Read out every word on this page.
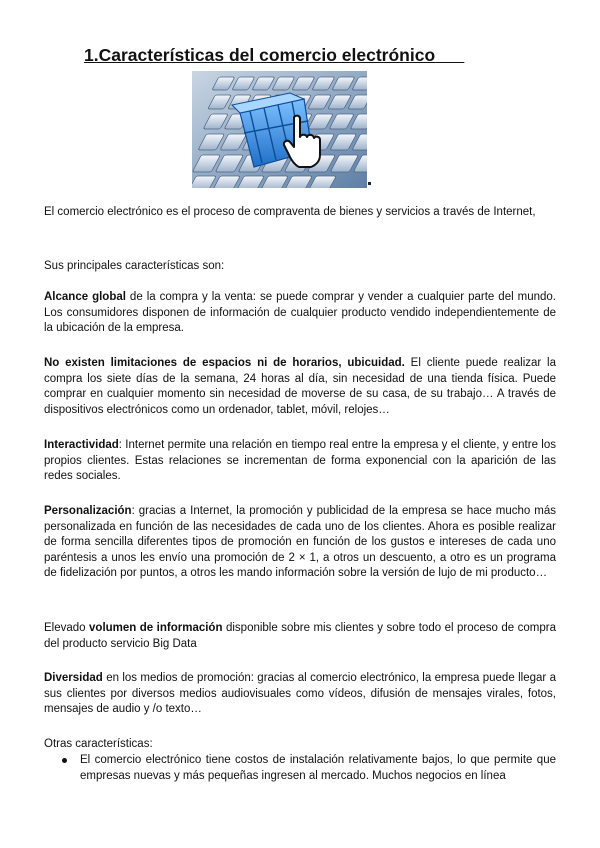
1.Características del comercio electrónico

El comercio electrónico es el proceso de compraventa de bienes y servicios a través de Internet,

Sus principales características son:

Alcance global de la compra y la venta: se puede comprar y vender a cualquier parte del mundo. Los consumidores disponen de información de cualquier producto vendido independientemente de la ubicación de la empresa.

No existen limitaciones de espacios ni de horarios, ubicuidad. El cliente puede realizar la compra los siete días de la semana, 24 horas al día, sin necesidad de una tienda física. Puede comprar en cualquier momento sin necesidad de moverse de su casa, de su trabajo… A través de dispositivos electrónicos como un ordenador, tablet, móvil, relojes…

Interactividad: Internet permite una relación en tiempo real entre la empresa y el cliente, y entre los propios clientes. Estas relaciones se incrementan de forma exponencial con la aparición de las redes sociales.

Personalización: gracias a Internet, la promoción y publicidad de la empresa se hace mucho más personalizada en función de las necesidades de cada uno de los clientes. Ahora es posible realizar de forma sencilla diferentes tipos de promoción en función de los gustos e intereses de cada uno paréntesis a unos les envío una promoción de 2 × 1, a otros un descuento, a otro es un programa de fidelización por puntos, a otros les mando información sobre la versión de lujo de mi producto…

Elevado volumen de información disponible sobre mis clientes y sobre todo el proceso de compra del producto servicio Big Data

Diversidad en los medios de promoción: gracias al comercio electrónico, la empresa puede llegar a sus clientes por diversos medios audiovisuales como vídeos, difusión de mensajes virales, fotos, mensajes de audio y /o texto…

Otras características:

El comercio electrónico tiene costos de instalación relativamente bajos, lo que permite que empresas nuevas y más pequeñas ingresen al mercado. Muchos negocios en línea
